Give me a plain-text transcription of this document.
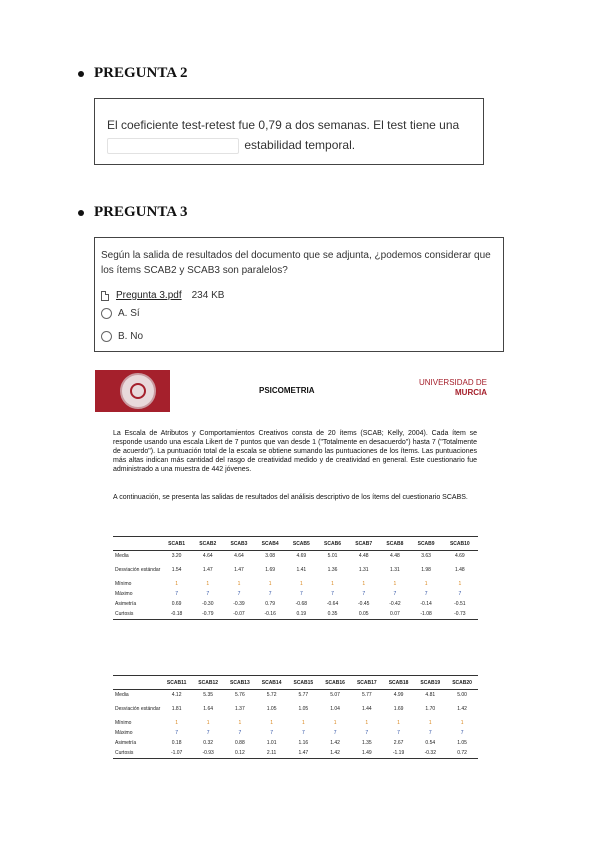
PREGUNTA 2
El coeficiente test-retest fue 0,79 a dos semanas. El test tiene una
estabilidad temporal.
PREGUNTA 3
Según la salida de resultados del documento que se adjunta, ¿podemos considerar que los ítems SCAB2 y SCAB3 son paralelos?
Pregunta 3.pdf 234 KB
A. Sí
B. No
PSICOMETRIA
UNIVERSIDAD DE
MURCIA
La Escala de Atributos y Comportamientos Creativos consta de 20 ítems (SCAB; Kelly, 2004). Cada ítem se responde usando una escala Likert de 7 puntos que van desde 1 ("Totalmente en desacuerdo") hasta 7 ("Totalmente de acuerdo"). La puntuación total de la escala se obtiene sumando las puntuaciones de los ítems. Las puntuaciones más altas indican más cantidad del rasgo de creatividad medido y de creatividad en general. Este cuestionario fue administrado a una muestra de 442 jóvenes.
A continuación, se presenta las salidas de resultados del análisis descriptivo de los ítems del cuestionario SCABS.
	SCAB1	SCAB2	SCAB3	SCAB4	SCAB5	SCAB6	SCAB7	SCAB8	SCAB9	SCAB10
Media	3.20	4.64	4.64	3.08	4.69	5.01	4.48	4.48	3.63	4.69
Desviación estándar	1.54	1.47	1.47	1.69	1.41	1.36	1.31	1.31	1.98	1.48
Mínimo	1	1	1	1	1	1	1	1	1	1
Máximo	7	7	7	7	7	7	7	7	7	7
Asimetría	0.69	-0.30	-0.39	0.79	-0.68	-0.64	-0.45	-0.42	-0.14	-0.51
Curtosis	-0.18	-0.79	-0.07	-0.16	0.19	0.35	0.05	0.07	-1.08	-0.73
	SCAB11	SCAB12	SCAB13	SCAB14	SCAB15	SCAB16	SCAB17	SCAB18	SCAB19	SCAB20
Media	4.12	5.35	5.76	5.72	5.77	5.07	5.77	4.99	4.81	5.00
Desviación estándar	1.81	1.64	1.37	1.05	1.05	1.04	1.44	1.69	1.70	1.42
Mínimo	1	1	1	1	1	1	1	1	1	1
Máximo	7	7	7	7	7	7	7	7	7	7
Asimetría	0.18	0.32	0.88	1.01	1.16	1.42	1.35	2.67	0.54	1.05
Curtosis	-1.07	-0.93	0.12	2.11	1.47	1.42	1.49	-1.19	-0.32	0.72
